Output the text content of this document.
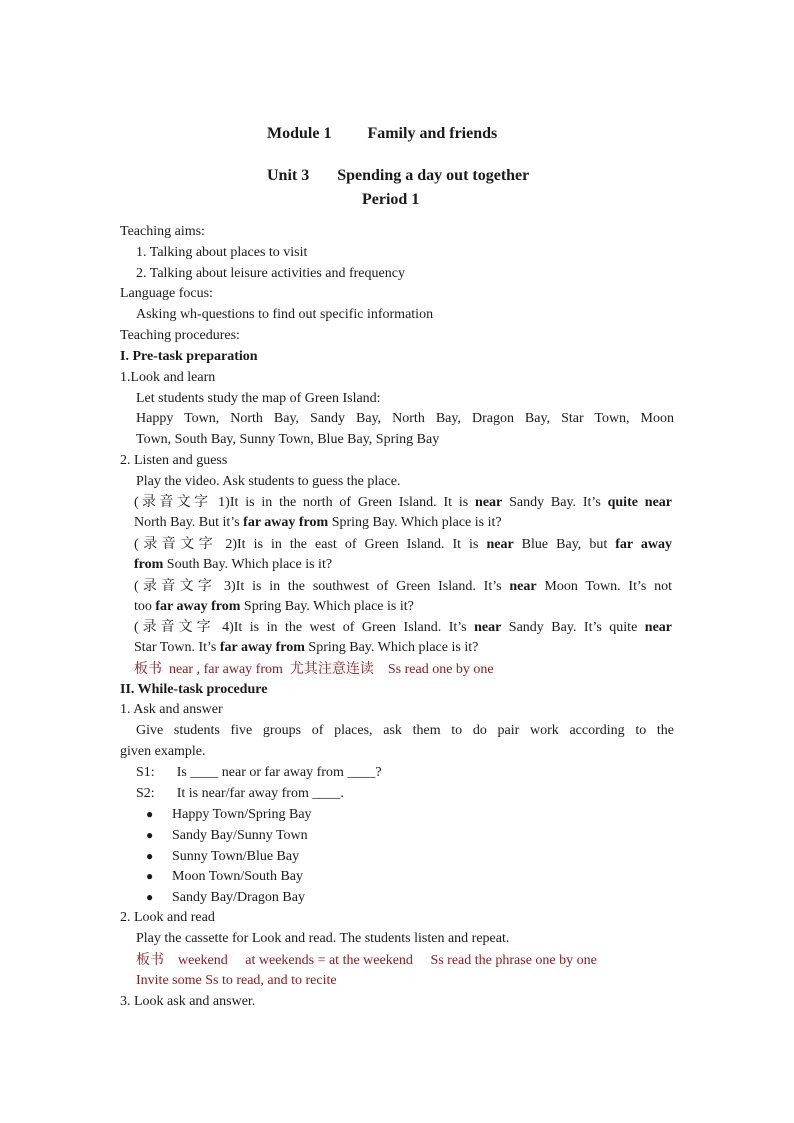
Module 1 Family and friends

Unit 3 Spending a day out together

Period 1
Teaching aims:
1. Talking about places to visit
2. Talking about leisure activities and frequency
Language focus:
Asking wh-questions to find out specific information
Teaching procedures:
I. Pre-task preparation
1.Look and learn
Let students study the map of Green Island:
Happy Town, North Bay, Sandy Bay, North Bay, Dragon Bay, Star Town, Moon
Town, South Bay, Sunny Town, Blue Bay, Spring Bay
2. Listen and guess
Play the video. Ask students to guess the place.
(录音文字 1)It is in the north of Green Island. It is near Sandy Bay. It’s quite near
North Bay. But it’s far away from Spring Bay. Which place is it?
(录音文字 2)It is in the east of Green Island. It is near Blue Bay, but far away
from South Bay. Which place is it?
(录音文字 3)It is in the southwest of Green Island. It’s near Moon Town. It’s not
too far away from Spring Bay. Which place is it?
(录音文字 4)It is in the west of Green Island. It’s near Sandy Bay. It’s quite near
Star Town. It’s far away from Spring Bay. Which place is it?
板书 near , far away from 尤其注意连读 Ss read one by one
II. While-task procedure
1. Ask and answer
Give students five groups of places, ask them to do pair work according to the
given example.
S1: Is ____ near or far away from ____?
S2: It is near/far away from ____.
● Happy Town/Spring Bay
● Sandy Bay/Sunny Town
● Sunny Town/Blue Bay
● Moon Town/South Bay
● Sandy Bay/Dragon Bay
2. Look and read
Play the cassette for Look and read. The students listen and repeat.
板书 weekend at weekends = at the weekend Ss read the phrase one by one
Invite some Ss to read, and to recite
3. Look ask and answer.
